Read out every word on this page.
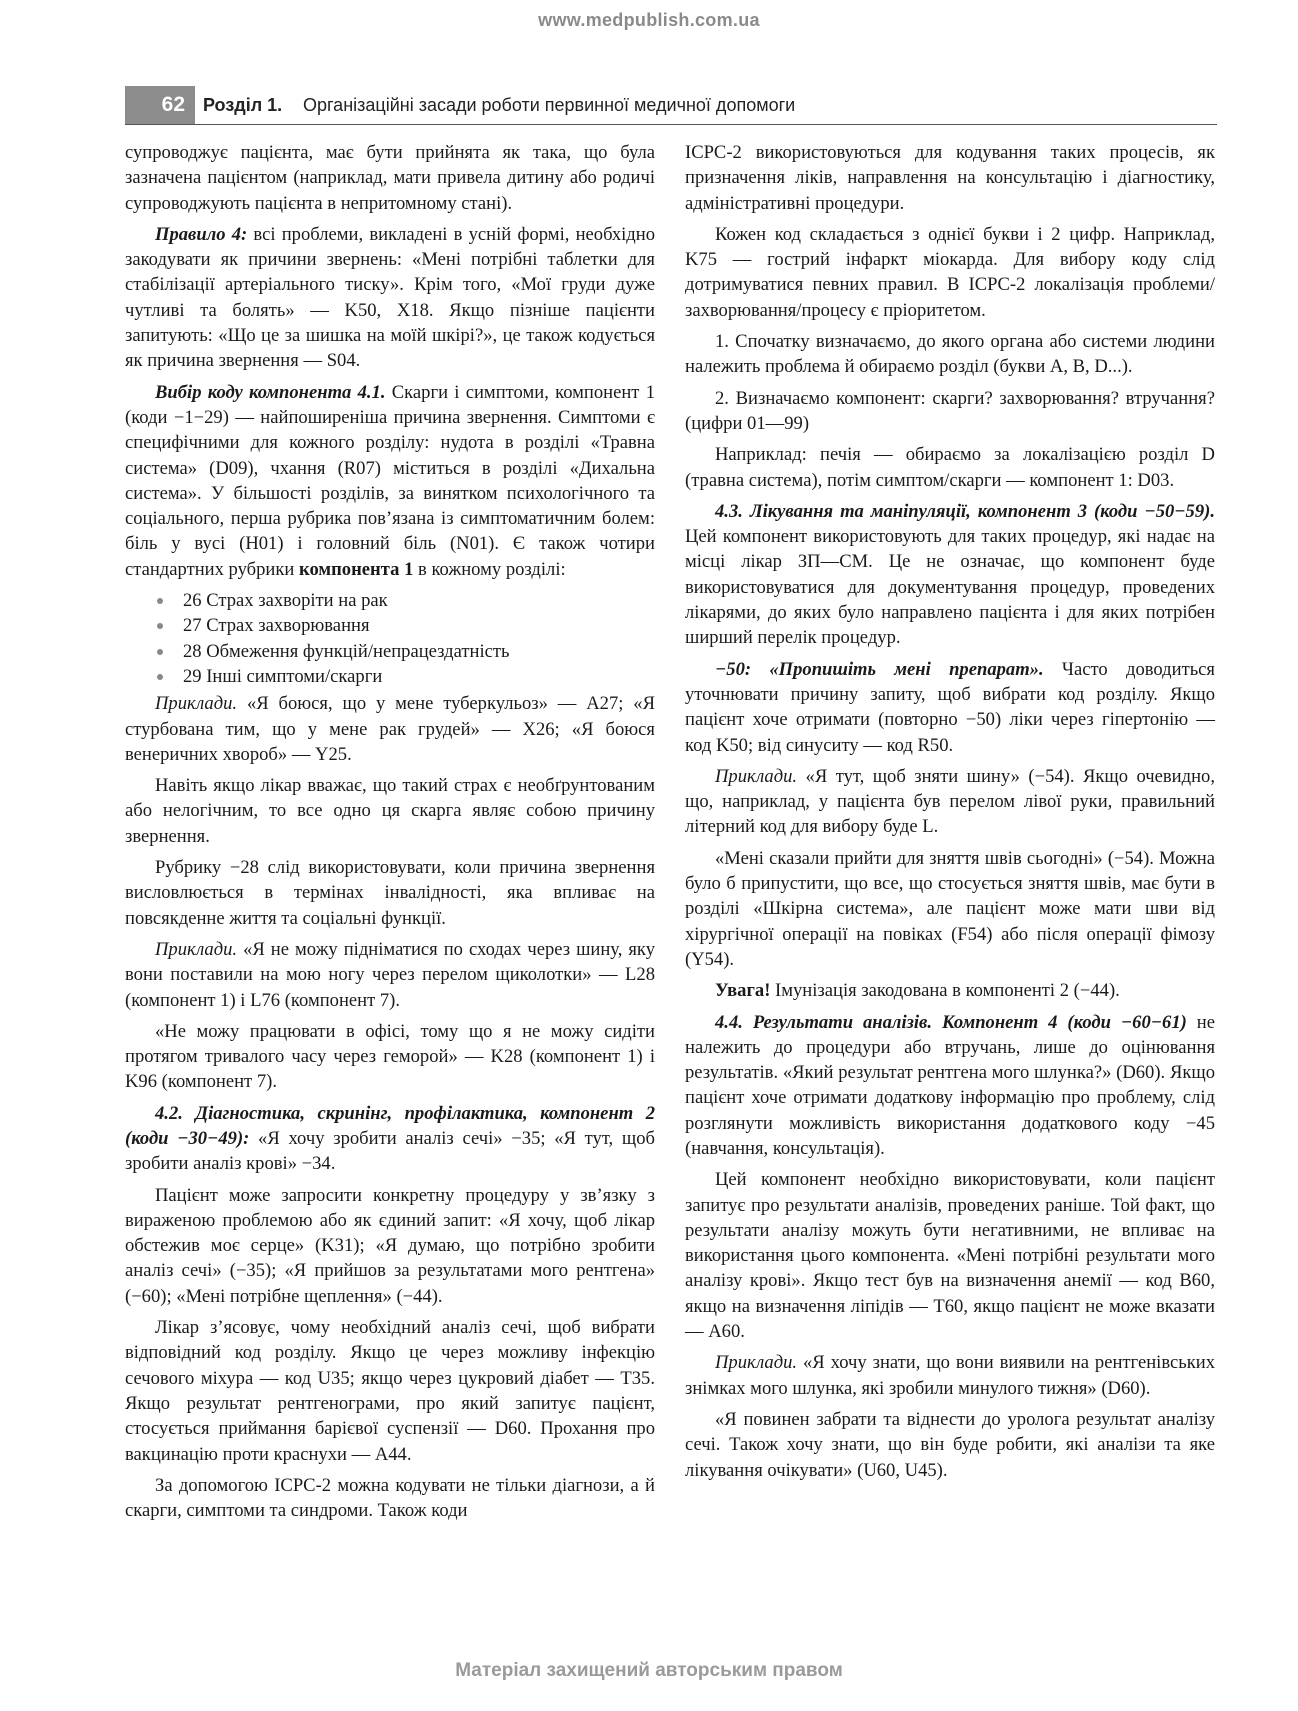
www.medpublish.com.ua
62	Розділ 1. Організаційні засади роботи первинної медичної допомоги

супроводжує пацієнта, має бути прийнята як така, що була зазначена пацієнтом (наприклад, мати привела дитину або родичі супроводжують пацієнта в непритомному стані).

Правило 4: всі проблеми, викладені в усній формі, необхідно закодувати як причини звернень: «Мені потрібні таблетки для стабілізації артеріального тиску». Крім того, «Мої груди дуже чутливі та болять» — K50, X18. Якщо пізніше пацієнти запитують: «Що це за шишка на моїй шкірі?», це також кодується як причина звернення — S04.

Вибір коду компонента 4.1. Скарги і симптоми, компонент 1 (коди −1−29) — найпоширеніша причина звернення. Симптоми є специфічними для кожного розділу: нудота в розділі «Травна система» (D09), чхання (R07) міститься в розділі «Дихальна система». У більшості розділів, за винятком психологічного та соціального, перша рубрика пов’язана із симптоматичним болем: біль у вусі (H01) і головний біль (N01). Є також чотири стандартних рубрики компонента 1 в кожному розділі:

26 Страх захворіти на рак
27 Страх захворювання
28 Обмеження функцій/непрацездатність
29 Інші симптоми/скарги

Приклади. «Я боюся, що у мене туберкульоз» — A27; «Я стурбована тим, що у мене рак грудей» — X26; «Я боюся венеричних хвороб» — Y25.

Навіть якщо лікар вважає, що такий страх є необґрунтованим або нелогічним, то все одно ця скарга являє собою причину звернення.

Рубрику −28 слід використовувати, коли причина звернення висловлюється в термінах інвалідності, яка впливає на повсякденне життя та соціальні функції.

Приклади. «Я не можу підніматися по сходах через шину, яку вони поставили на мою ногу через перелом щиколотки» — L28 (компонент 1) і L76 (компонент 7).

«Не можу працювати в офісі, тому що я не можу сидіти протягом тривалого часу через геморой» — K28 (компонент 1) і K96 (компонент 7).

4.2. Діагностика, скринінг, профілактика, компонент 2 (коди −30−49): «Я хочу зробити аналіз сечі» −35; «Я тут, щоб зробити аналіз крові» −34.

Пацієнт може запросити конкретну процедуру у зв’язку з вираженою проблемою або як єдиний запит: «Я хочу, щоб лікар обстежив моє серце» (K31); «Я думаю, що потрібно зробити аналіз сечі» (−35); «Я прийшов за результатами мого рентгена» (−60); «Мені потрібне щеплення» (−44).

Лікар з’ясовує, чому необхідний аналіз сечі, щоб вибрати відповідний код розділу. Якщо це через можливу інфекцію сечового міхура — код U35; якщо через цукровий діабет — T35. Якщо результат рентгенограми, про який запитує пацієнт, стосується приймання барієвої суспензії — D60. Прохання про вакцинацію проти краснухи — A44.

За допомогою ICPC-2 можна кодувати не тільки діагнози, а й скарги, симптоми та синдроми. Також коди

ICPC-2 використовуються для кодування таких процесів, як призначення ліків, направлення на консультацію і діагностику, адміністративні процедури.

Кожен код складається з однієї букви і 2 цифр. Наприклад, K75 — гострий інфаркт міокарда. Для вибору коду слід дотримуватися певних правил. В ICPC-2 локалізація проблеми/захворювання/процесу є пріоритетом.

1. Спочатку визначаємо, до якого органа або системи людини належить проблема й обираємо розділ (букви A, B, D...).

2. Визначаємо компонент: скарги? захворювання? втручання? (цифри 01—99)

Наприклад: печія — обираємо за локалізацією розділ D (травна система), потім симптом/скарги — компонент 1: D03.

4.3. Лікування та маніпуляції, компонент 3 (коди −50−59). Цей компонент використовують для таких процедур, які надає на місці лікар ЗП—СМ. Це не означає, що компонент буде використовуватися для документування процедур, проведених лікарями, до яких було направлено пацієнта і для яких потрібен ширший перелік процедур.

−50: «Пропишіть мені препарат». Часто доводиться уточнювати причину запиту, щоб вибрати код розділу. Якщо пацієнт хоче отримати (повторно −50) ліки через гіпертонію — код K50; від синуситу — код R50.

Приклади. «Я тут, щоб зняти шину» (−54). Якщо очевидно, що, наприклад, у пацієнта був перелом лівої руки, правильний літерний код для вибору буде L.

«Мені сказали прийти для зняття швів сьогодні» (−54). Можна було б припустити, що все, що стосується зняття швів, має бути в розділі «Шкірна система», але пацієнт може мати шви від хірургічної операції на повіках (F54) або після операції фімозу (Y54).

Увага! Імунізація закодована в компоненті 2 (−44).

4.4. Результати аналізів. Компонент 4 (коди −60−61) не належить до процедури або втручань, лише до оцінювання результатів. «Який результат рентгена мого шлунка?» (D60). Якщо пацієнт хоче отримати додаткову інформацію про проблему, слід розглянути можливість використання додаткового коду −45 (навчання, консультація).

Цей компонент необхідно використовувати, коли пацієнт запитує про результати аналізів, проведених раніше. Той факт, що результати аналізу можуть бути негативними, не впливає на використання цього компонента. «Мені потрібні результати мого аналізу крові». Якщо тест був на визначення анемії — код B60, якщо на визначення ліпідів — T60, якщо пацієнт не може вказати — A60.

Приклади. «Я хочу знати, що вони виявили на рентгенівських знімках мого шлунка, які зробили минулого тижня» (D60).

«Я повинен забрати та віднести до уролога результат аналізу сечі. Також хочу знати, що він буде робити, які аналізи та яке лікування очікувати» (U60, U45).

Матеріал захищений авторським правом
